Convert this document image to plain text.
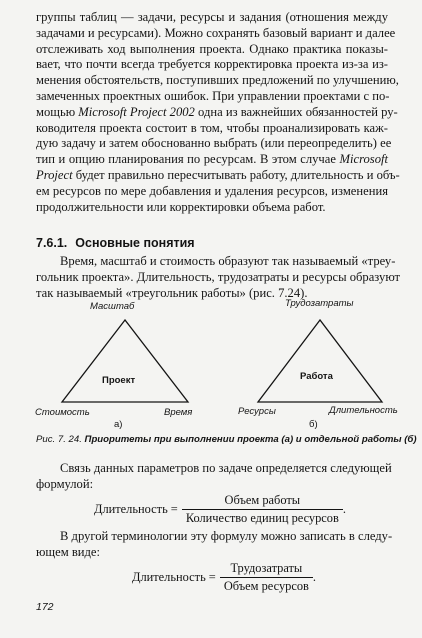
группы таблиц — задачи, ресурсы и задания (отношения между
задачами и ресурсами). Можно сохранять базовый вариант и далее
отслеживать ход выполнения проекта. Однако практика показы-
вает, что почти всегда требуется корректировка проекта из-за из-
менения обстоятельств, поступивших предложений по улучшению,
замеченных проектных ошибок. При управлении проектами с по-
мощью Microsoft Project 2002 одна из важнейших обязанностей ру-
ководителя проекта состоит в том, чтобы проанализировать каж-
дую задачу и затем обоснованно выбрать (или переопределить) ее
тип и опцию планирования по ресурсам. В этом случае Microsoft
Project будет правильно пересчитывать работу, длительность и объ-
ем ресурсов по мере добавления и удаления ресурсов, изменения
продолжительности или корректировки объема работ.
7.6.1. Основные понятия
Время, масштаб и стоимость образуют так называемый «треу-
гольник проекта». Длительность, трудозатраты и ресурсы образуют
так называемый «треугольник работы» (рис. 7.24).
Масштаб
Проект
Стоимость	Время
а)
Трудозатраты
Работа
Ресурсы	Длительность
б)
Рис. 7. 24. Приоритеты при выполнении проекта (а) и отдельной работы (б)
Связь данных параметров по задаче определяется следующей
формулой:
Длительность = $\frac{\text{Объем работы}}{\text{Количество единиц ресурсов}}$ .
В другой терминологии эту формулу можно записать в следу-
ющем виде:
Длительность = $\frac{\text{Трудозатраты}}{\text{Объем ресурсов}}$ .
172
